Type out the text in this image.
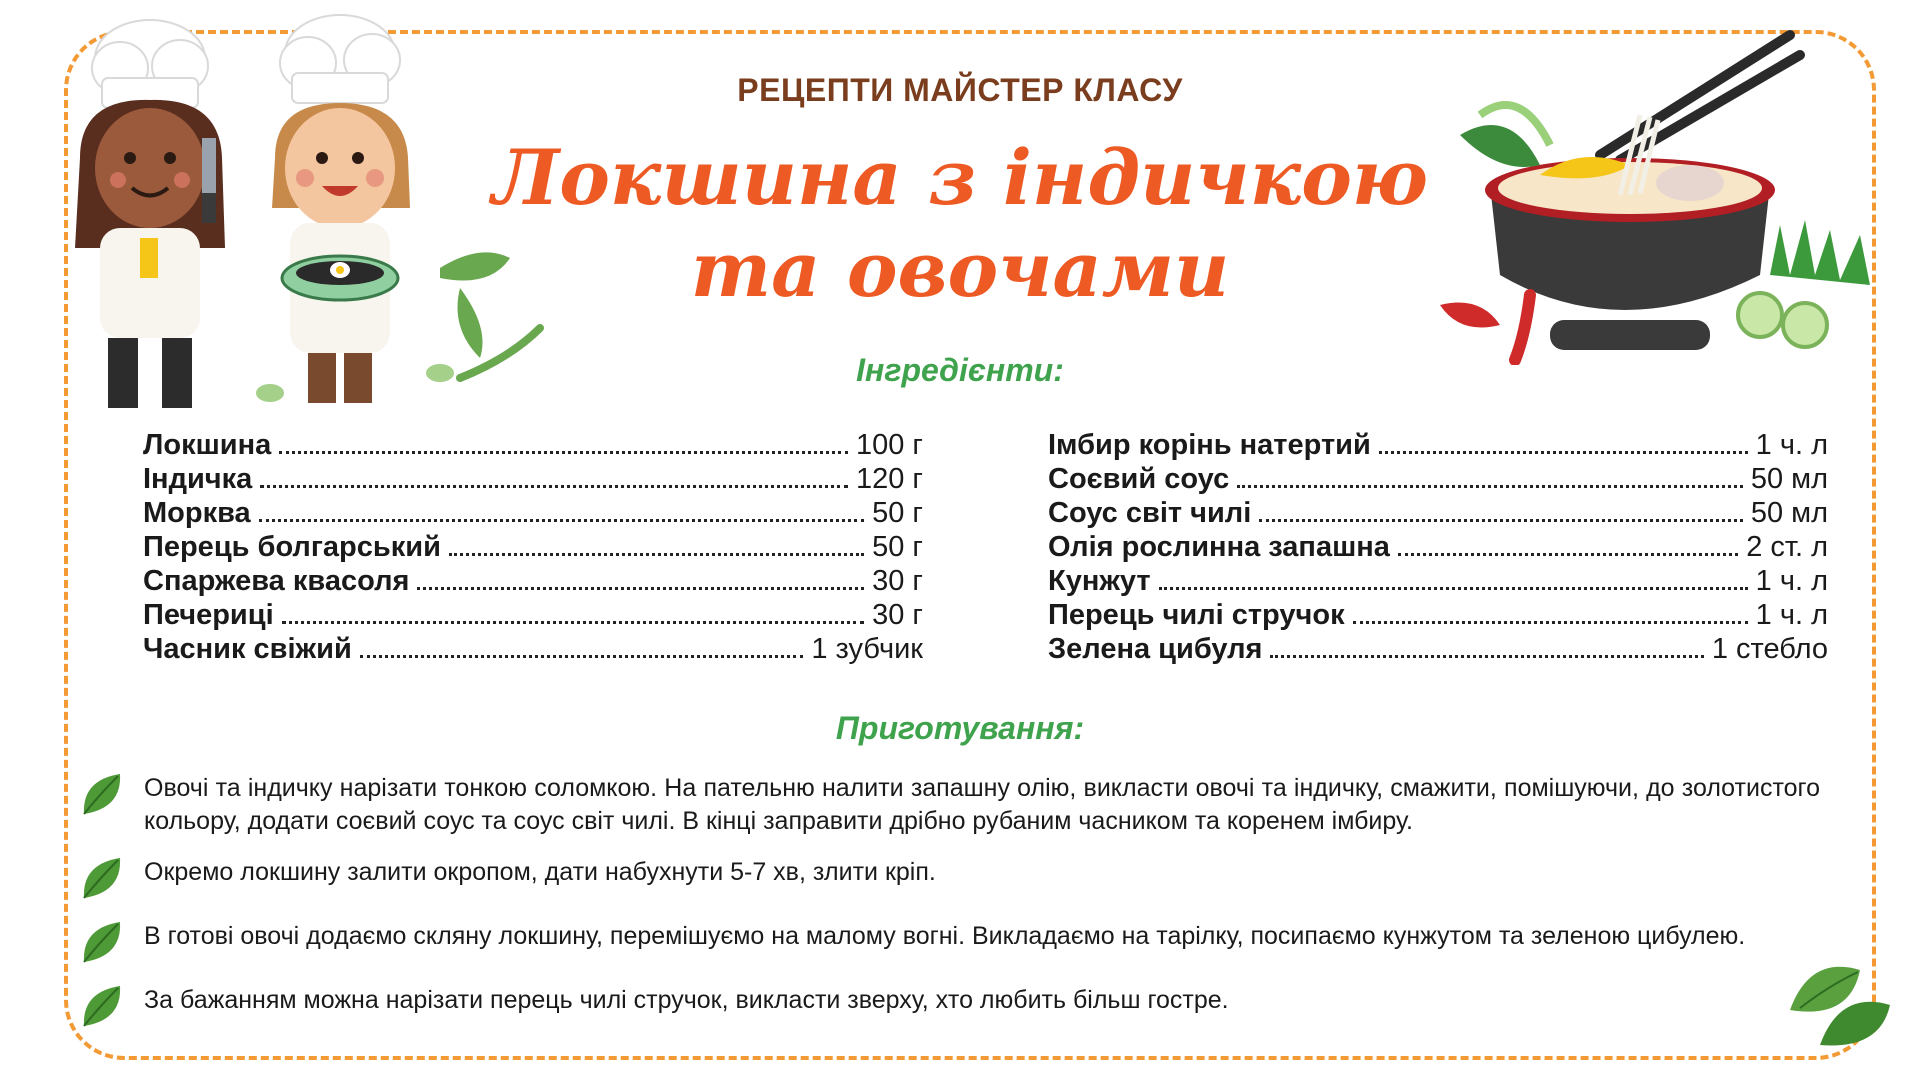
РЕЦЕПТИ МАЙСТЕР КЛАСУ
Локшина з індичкою
та овочами
Інгредієнти:
Локшина	100 г
Індичка	120 г
Морква	50 г
Перець болгарський	50 г
Спаржева квасоля	30 г
Печериці	30 г
Часник свіжий	1 зубчик
Імбир корінь натертий	1 ч. л
Соєвий соус	50 мл
Соус світ чилі	50 мл
Олія рослинна запашна	2 ст. л
Кунжут	1 ч. л
Перець чилі стручок	1 ч. л
Зелена цибуля	1 стебло
Приготування:
Овочі та індичку нарізати тонкою соломкою. На пательню налити запашну олію, викласти овочі та індичку, смажити, помішуючи, до золотистого кольору, додати соєвий соус та соус світ чилі. В кінці заправити дрібно рубаним часником та коренем імбиру.
Окремо локшину залити окропом, дати набухнути 5-7 хв, злити кріп.
В готові овочі додаємо скляну локшину, перемішуємо на малому вогні. Викладаємо на тарілку, посипаємо кунжутом та зеленою цибулею.
За бажанням можна нарізати перець чилі стручок, викласти зверху, хто любить більш гостре.
